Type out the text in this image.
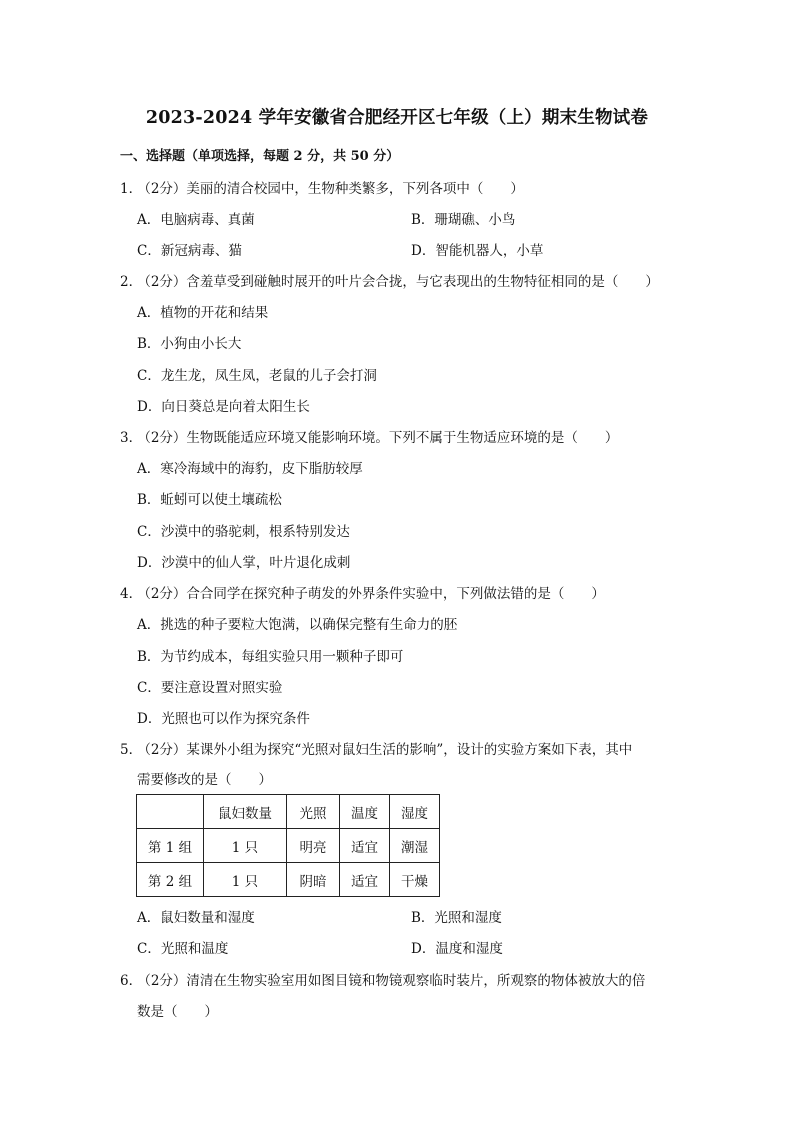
2023-2024 学年安徽省合肥经开区七年级（上）期末生物试卷
一、选择题（单项选择，每题 2 分，共 50 分）
1． （2分）美丽的清合校园中，生物种类繁多，下列各项中（　　）
A．电脑病毒、真菌	B．珊瑚礁、小鸟
C．新冠病毒、猫	D．智能机器人，小草
2． （2分）含羞草受到碰触时展开的叶片会合拢，与它表现出的生物特征相同的是（　　）
A．植物的开花和结果
B．小狗由小长大
C．龙生龙，凤生凤，老鼠的儿子会打洞
D．向日葵总是向着太阳生长
3． （2分）生物既能适应环境又能影响环境。下列不属于生物适应环境的是（　　）
A．寒冷海域中的海豹，皮下脂肪较厚
B．蚯蚓可以使土壤疏松
C．沙漠中的骆驼刺，根系特别发达
D．沙漠中的仙人掌，叶片退化成刺
4． （2分）合合同学在探究种子萌发的外界条件实验中，下列做法错的是（　　）
A．挑选的种子要粒大饱满，以确保完整有生命力的胚
B．为节约成本，每组实验只用一颗种子即可
C．要注意设置对照实验
D．光照也可以作为探究条件
5． （2分）某课外小组为探究“光照对鼠妇生活的影响”，设计的实验方案如下表，其中
需要修改的是（　　）
	鼠妇数量	光照	温度	湿度
第 1 组	1 只	明亮	适宜	潮湿
第 2 组	1 只	阴暗	适宜	干燥
A．鼠妇数量和湿度	B．光照和湿度
C．光照和温度	D．温度和湿度
6． （2分）清清在生物实验室用如图目镜和物镜观察临时装片，所观察的物体被放大的倍
数是（　　）
